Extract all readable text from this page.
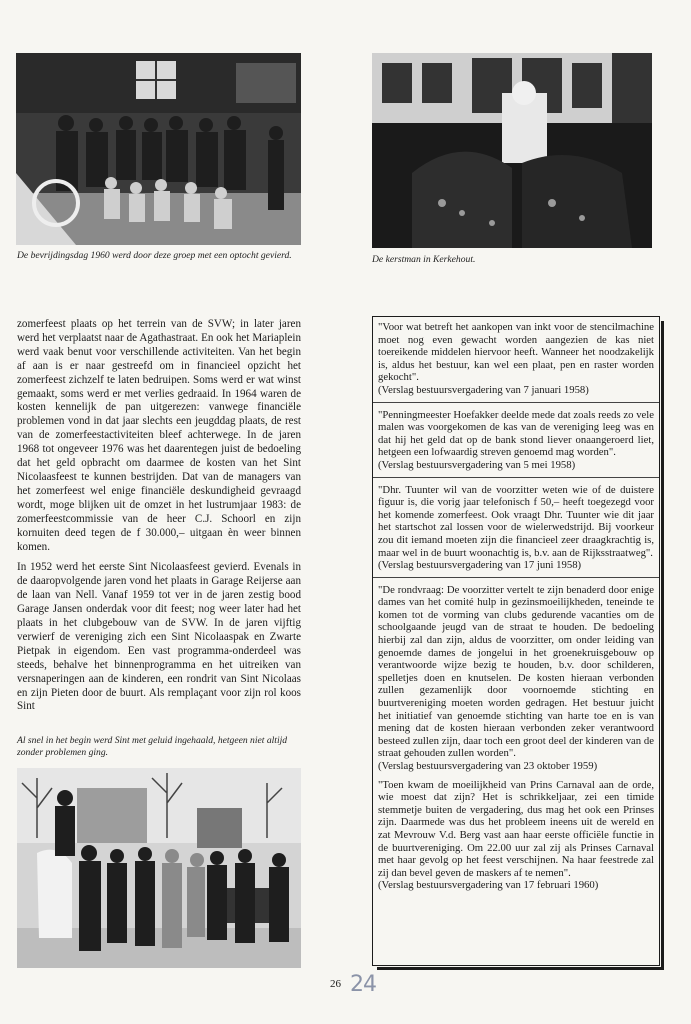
De bevrijdingsdag 1960 werd door deze groep met een optocht gevierd.	De kerstman in Kerkehout.

zomerfeest plaats op het terrein van de SVW; in later jaren werd het verplaatst naar de Agathastraat. En ook het Mariaplein werd vaak benut voor verschillende activiteiten. Van het begin af aan is er naar gestreefd om in financieel opzicht het zomerfeest zichzelf te laten bedruipen. Soms werd er wat winst gemaakt, soms werd er met verlies gedraaid. In 1964 waren de kosten kennelijk de pan uitgerezen: vanwege financiële problemen vond in dat jaar slechts een jeugddag plaats, de rest van de zomerfeestactiviteiten bleef achterwege. In de jaren 1968 tot ongeveer 1976 was het daarentegen juist de bedoeling dat het geld opbracht om daarmee de kosten van het Sint Nicolaasfeest te kunnen bestrijden. Dat van de managers van het zomerfeest wel enige financiële deskundigheid gevraagd wordt, moge blijken uit de omzet in het lustrumjaar 1983: de zomerfeestcommissie van de heer C.J. Schoorl en zijn kornuiten deed tegen de f 30.000,– uitgaan èn weer binnen komen.

In 1952 werd het eerste Sint Nicolaasfeest gevierd. Evenals in de daaropvolgende jaren vond het plaats in Garage Reijerse aan de laan van Nell. Vanaf 1959 tot ver in de jaren zestig bood Garage Jansen onderdak voor dit feest; nog weer later had het plaats in het clubgebouw van de SVW. In de jaren vijftig verwierf de vereniging zich een Sint Nicolaaspak en Zwarte Pietpak in eigendom. Een vast programma-onderdeel was steeds, behalve het binnenprogramma en het uitreiken van versnaperingen aan de kinderen, een rondrit van Sint Nicolaas en zijn Pieten door de buurt. Als remplaçant voor zijn rol koos Sint

Al snel in het begin werd Sint met geluid ingehaald, hetgeen niet altijd zonder problemen ging.

"Voor wat betreft het aankopen van inkt voor de stencilmachine moet nog even gewacht worden aangezien de kas niet toereikende middelen hiervoor heeft. Wanneer het noodzakelijk is, aldus het bestuur, kan wel een plaat, pen en raster worden gekocht".

(Verslag bestuursvergadering van 7 januari 1958)

"Penningmeester Hoefakker deelde mede dat zoals reeds zo vele malen was voorgekomen de kas van de vereniging leeg was en dat hij het geld dat op de bank stond liever onaangeroerd liet, hetgeen een lofwaardig streven genoemd mag worden".

(Verslag bestuursvergadering van 5 mei 1958)

"Dhr. Tuunter wil van de voorzitter weten wie of de duistere figuur is, die vorig jaar telefonisch f 50,– heeft toegezegd voor het komende zomerfeest. Ook vraagt Dhr. Tuunter wie dit jaar het startschot zal lossen voor de wielerwedstrijd. Bij voorkeur zou dit iemand moeten zijn die financieel zeer draagkrachtig is, maar wel in de buurt woonachtig is, b.v. aan de Rijksstraatweg".

(Verslag bestuursvergadering van 17 juni 1958)

"De rondvraag: De voorzitter vertelt te zijn benaderd door enige dames van het comité hulp in gezinsmoeilijkheden, teneinde te komen tot de vorming van clubs gedurende vacanties om de schoolgaande jeugd van de straat te houden. De bedoeling hierbij zal dan zijn, aldus de voorzitter, om onder leiding van genoemde dames de jongelui in het groenekruisgebouw op verantwoorde wijze bezig te houden, b.v. door schilderen, spelletjes doen en knutselen. De kosten hieraan verbonden zullen gezamenlijk door voornoemde stichting en buurtvereniging moeten worden gedragen. Het bestuur juicht het initiatief van genoemde stichting van harte toe en is van mening dat de kosten hieraan verbonden zeker verantwoord besteed zullen zijn, daar toch een groot deel der kinderen van de straat gehouden zullen worden".

(Verslag bestuursvergadering van 23 oktober 1959)

"Toen kwam de moeilijkheid van Prins Carnaval aan de orde, wie moest dat zijn? Het is schrikkeljaar, zei een timide stemmetje buiten de vergadering, dus mag het ook een Prinses zijn. Daarmede was dus het probleem ineens uit de wereld en zat Mevrouw V.d. Berg vast aan haar eerste officiële functie in de buurtvereniging. Om 22.00 uur zal zij als Prinses Carnaval met haar gevolg op het feest verschijnen. Na haar feestrede zal zij dan bevel geven de maskers af te nemen".

(Verslag bestuursvergadering van 17 februari 1960)

26 24
